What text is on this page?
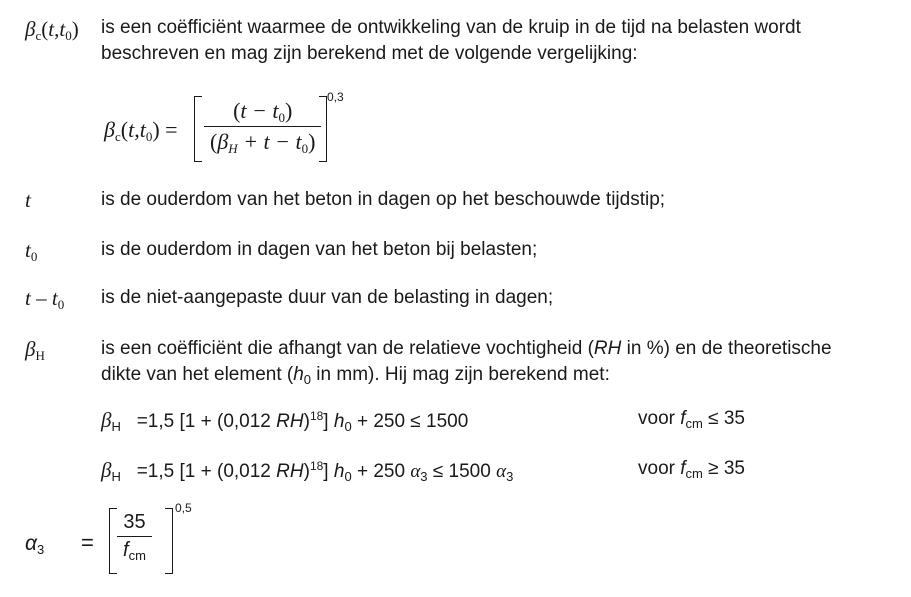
$\beta_c(t,t_0)$ is een coëfficiënt waarmee de ontwikkeling van de kruip in de tijd na belasten wordt
beschreven en mag zijn berekend met de volgende vergelijking:
$\beta_c(t,t_0) = \frac{(t - t_0)}{(\beta_H + t - t_0)}$
0,3
t	is de ouderdom van het beton in dagen op het beschouwde tijdstip;
$t_0$	is de ouderdom in dagen van het beton bij belasten;
t – $t_0$ is de niet-aangepaste duur van de belasting in dagen;
$\beta_H$	is een coëfficiënt die afhangt van de relatieve vochtigheid (RH in %) en de theoretische
dikte van het element ($h_0$ in mm). Hij mag zijn berekend met:
$\beta_H =1,5$ [1 + (0,012 RH)$^{18}$] $h_0 + 250 \le 1500$	voor $f_{cm} \le 35$
$\beta_H =1,5$ [1 + (0,012 RH)$^{18}$] $h_0 + 250$ $\alpha_3 \le 1500$ $\alpha_3$	voor $f_{cm} \ge 35$
$\alpha_3$ =
35
$f_{cm}$
0,5
